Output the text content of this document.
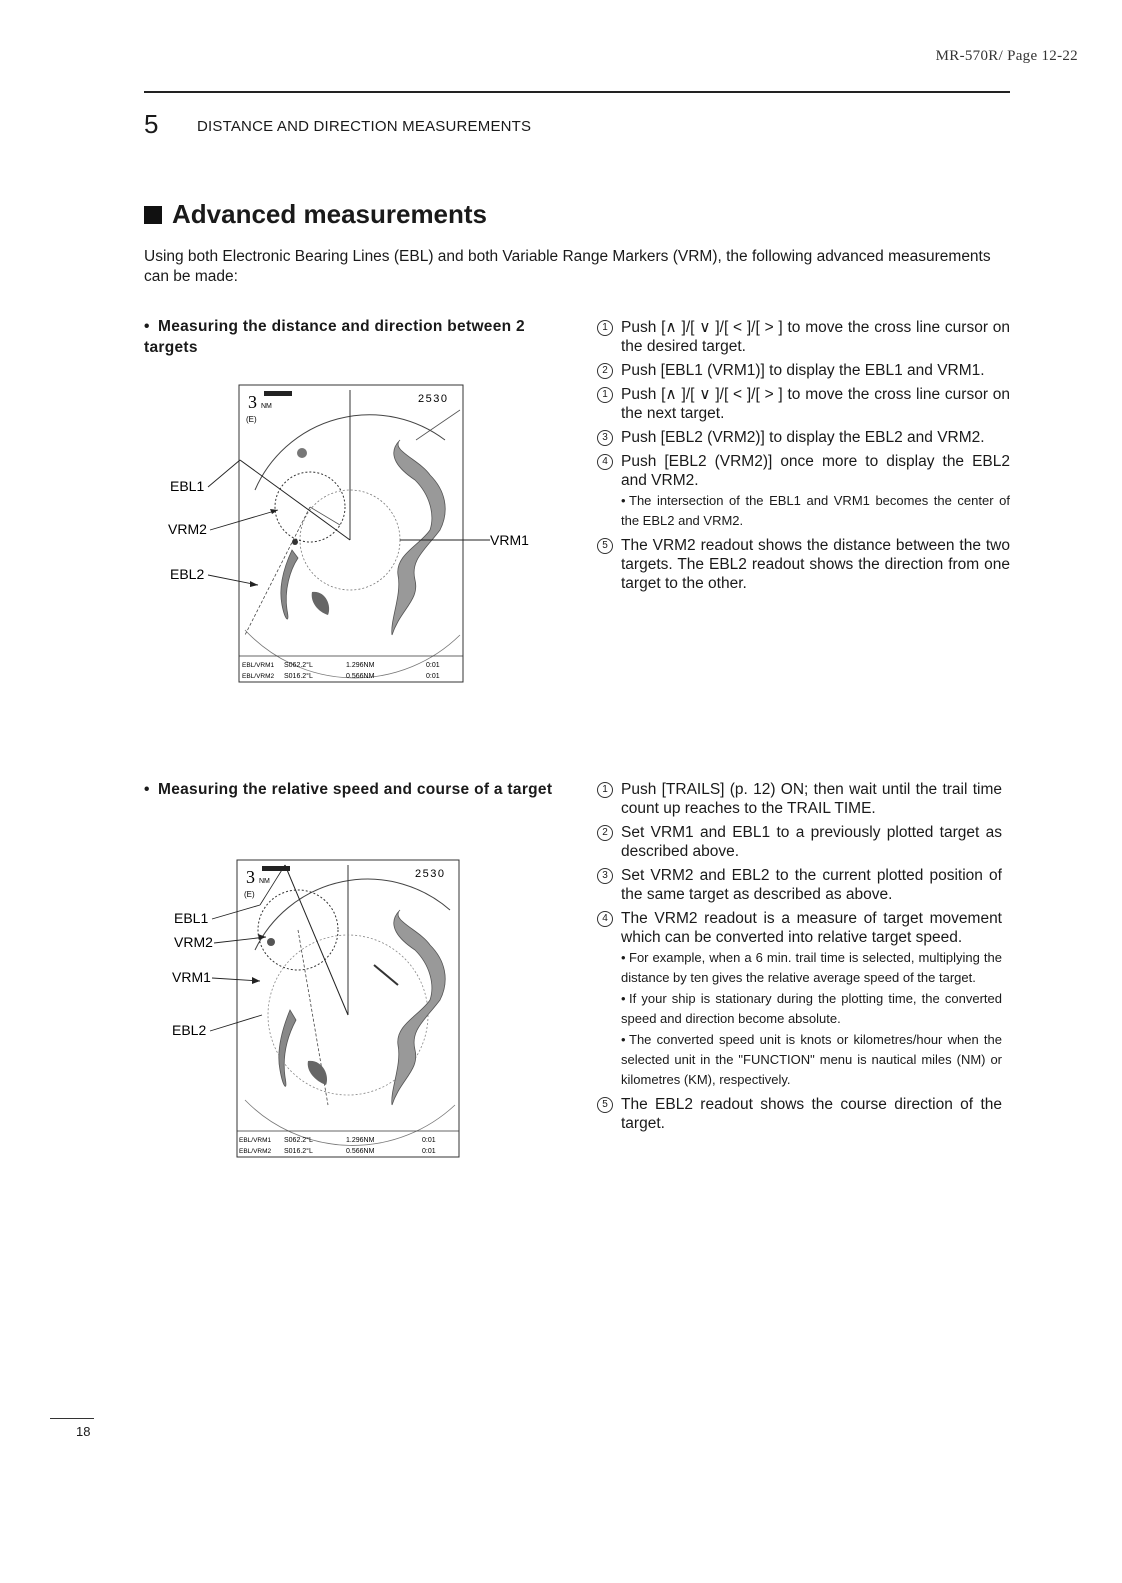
MR-570R/ Page 12-22
5	DISTANCE AND DIRECTION MEASUREMENTS
Advanced measurements
Using both Electronic Bearing Lines (EBL) and both Variable Range Markers (VRM), the following advanced measurements can be made:
• Measuring the distance and direction between 2 targets
3 NM
(E)
2530
EBL1
VRM2
EBL2
VRM1
EBL/VRM1 S062.2°L	1.296NM	0:01
EBL/VRM2 S016.2°L	0.566NM	0:01
1 Push [∧ ]/[ ∨ ]/[ < ]/[ > ] to move the cross line cursor on the desired target.
2 Push [EBL1 (VRM1)] to display the EBL1 and VRM1.
1 Push [∧ ]/[ ∨ ]/[ < ]/[ > ] to move the cross line cursor on the next target.
3 Push [EBL2 (VRM2)] to display the EBL2 and VRM2.
4 Push [EBL2 (VRM2)] once more to display the EBL2 and VRM2.
• The intersection of the EBL1 and VRM1 becomes the center of the EBL2 and VRM2.
5 The VRM2 readout shows the distance between the two targets. The EBL2 readout shows the direction from one target to the other.
• Measuring the relative speed and course of a target
3 NM
(E)
2530
EBL1
VRM2
VRM1
EBL2
EBL/VRM1 S062.2°L	1.296NM	0:01
EBL/VRM2 S016.2°L	0.566NM	0:01
1 Push [TRAILS] (p. 12) ON; then wait until the trail time count up reaches to the TRAIL TIME.
2 Set VRM1 and EBL1 to a previously plotted target as described above.
3 Set VRM2 and EBL2 to the current plotted position of the same target as described as above.
4 The VRM2 readout is a measure of target movement which can be converted into relative target speed.
• For example, when a 6 min. trail time is selected, multiplying the distance by ten gives the relative average speed of the target.
• If your ship is stationary during the plotting time, the converted speed and direction become absolute.
• The converted speed unit is knots or kilometres/hour when the selected unit in the "FUNCTION" menu is nautical miles (NM) or kilometres (KM), respectively.
5 The EBL2 readout shows the course direction of the target.
18
